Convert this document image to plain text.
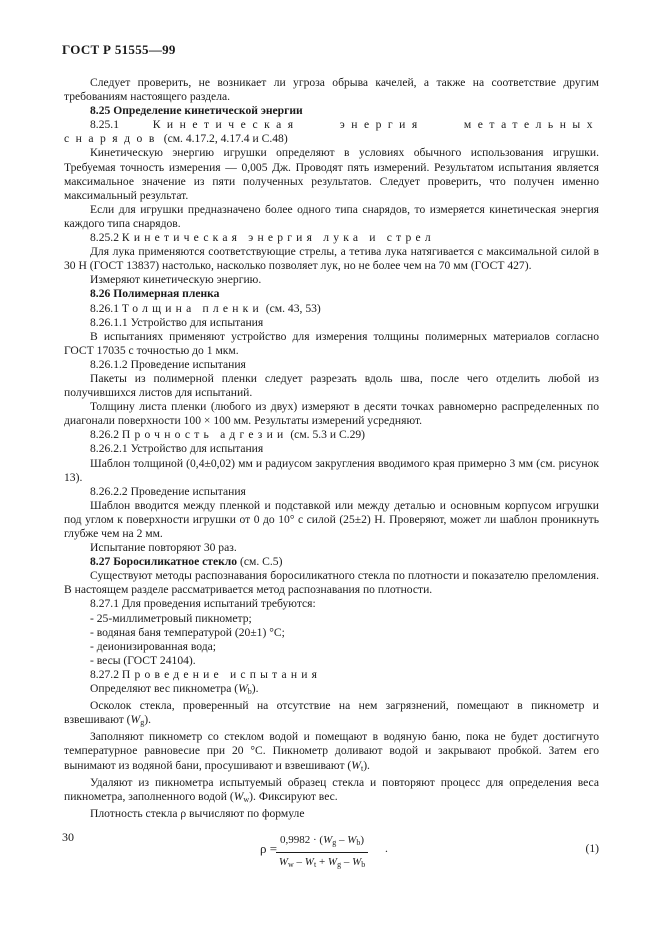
ГОСТ Р 51555—99

Следует проверить, не возникает ли угроза обрыва качелей, а также на соответствие другим требованиям настоящего раздела.

8.25 Определение кинетической энергии

8.25.1	Кинетическая энергия метательных снарядов (см. 4.17.2, 4.17.4 и С.48)

Кинетическую энергию игрушки определяют в условиях обычного использования игрушки. Требуемая точность измерения — 0,005 Дж. Проводят пять измерений. Результатом испытания является максимальное значение из пяти полученных результатов. Следует проверить, что получен именно максимальный результат.

Если для игрушки предназначено более одного типа снарядов, то измеряется кинетическая энергия каждого типа снарядов.

8.25.2 Кинетическая энергия лука и стрел

Для лука применяются соответствующие стрелы, а тетива лука натягивается с максимальной силой в 30 Н (ГОСТ 13837) настолько, насколько позволяет лук, но не более чем на 70 мм (ГОСТ 427).

Измеряют кинетическую энергию.

8.26 Полимерная пленка

8.26.1 Толщина пленки (см. 43, 53)

8.26.1.1 Устройство для испытания

В испытаниях применяют устройство для измерения толщины полимерных материалов согласно ГОСТ 17035 с точностью до 1 мкм.

8.26.1.2 Проведение испытания

Пакеты из полимерной пленки следует разрезать вдоль шва, после чего отделить любой из получившихся листов для испытаний.

Толщину листа пленки (любого из двух) измеряют в десяти точках равномерно распределенных по диагонали поверхности 100 × 100 мм. Результаты измерений усредняют.

8.26.2 Прочность адгезии (см. 5.3 и С.29)

8.26.2.1 Устройство для испытания

Шаблон толщиной (0,4±0,02) мм и радиусом закругления вводимого края примерно 3 мм (см. рисунок 13).

8.26.2.2 Проведение испытания

Шаблон вводится между пленкой и подставкой или между деталью и основным корпусом игрушки под углом к поверхности игрушки от 0 до 10° с силой (25±2) Н. Проверяют, может ли шаблон проникнуть глубже чем на 2 мм.

Испытание повторяют 30 раз.

8.27 Боросиликатное стекло (см. С.5)

Существуют методы распознавания боросиликатного стекла по плотности и показателю преломления. В настоящем разделе рассматривается метод распознавания по плотности.

8.27.1 Для проведения испытаний требуются:

- 25-миллиметровый пикнометр;

- водяная баня температурой (20±1) °С;

- деионизированная вода;

- весы (ГОСТ 24104).

8.27.2 Проведение испытания

Определяют вес пикнометра $(W_b)$.

Осколок стекла, проверенный на отсутствие на нем загрязнений, помещают в пикнометр и взвешивают $(W_g)$.

Заполняют пикнометр со стеклом водой и помещают в водяную баню, пока не будет достигнуто температурное равновесие при 20 °С. Пикнометр доливают водой и закрывают пробкой. Затем его вынимают из водяной бани, просушивают и взвешивают $(W_t)$.

Удаляют из пикнометра испытуемый образец стекла и повторяют процесс для определения веса пикнометра, заполненного водой $(W_w)$. Фиксируют вес.

Плотность стекла ρ вычисляют по формуле

ρ =
$\frac{0,9982 \cdot (W_g - W_b)}{W_w - W_t + W_g - W_b}$ .	(1)
30
